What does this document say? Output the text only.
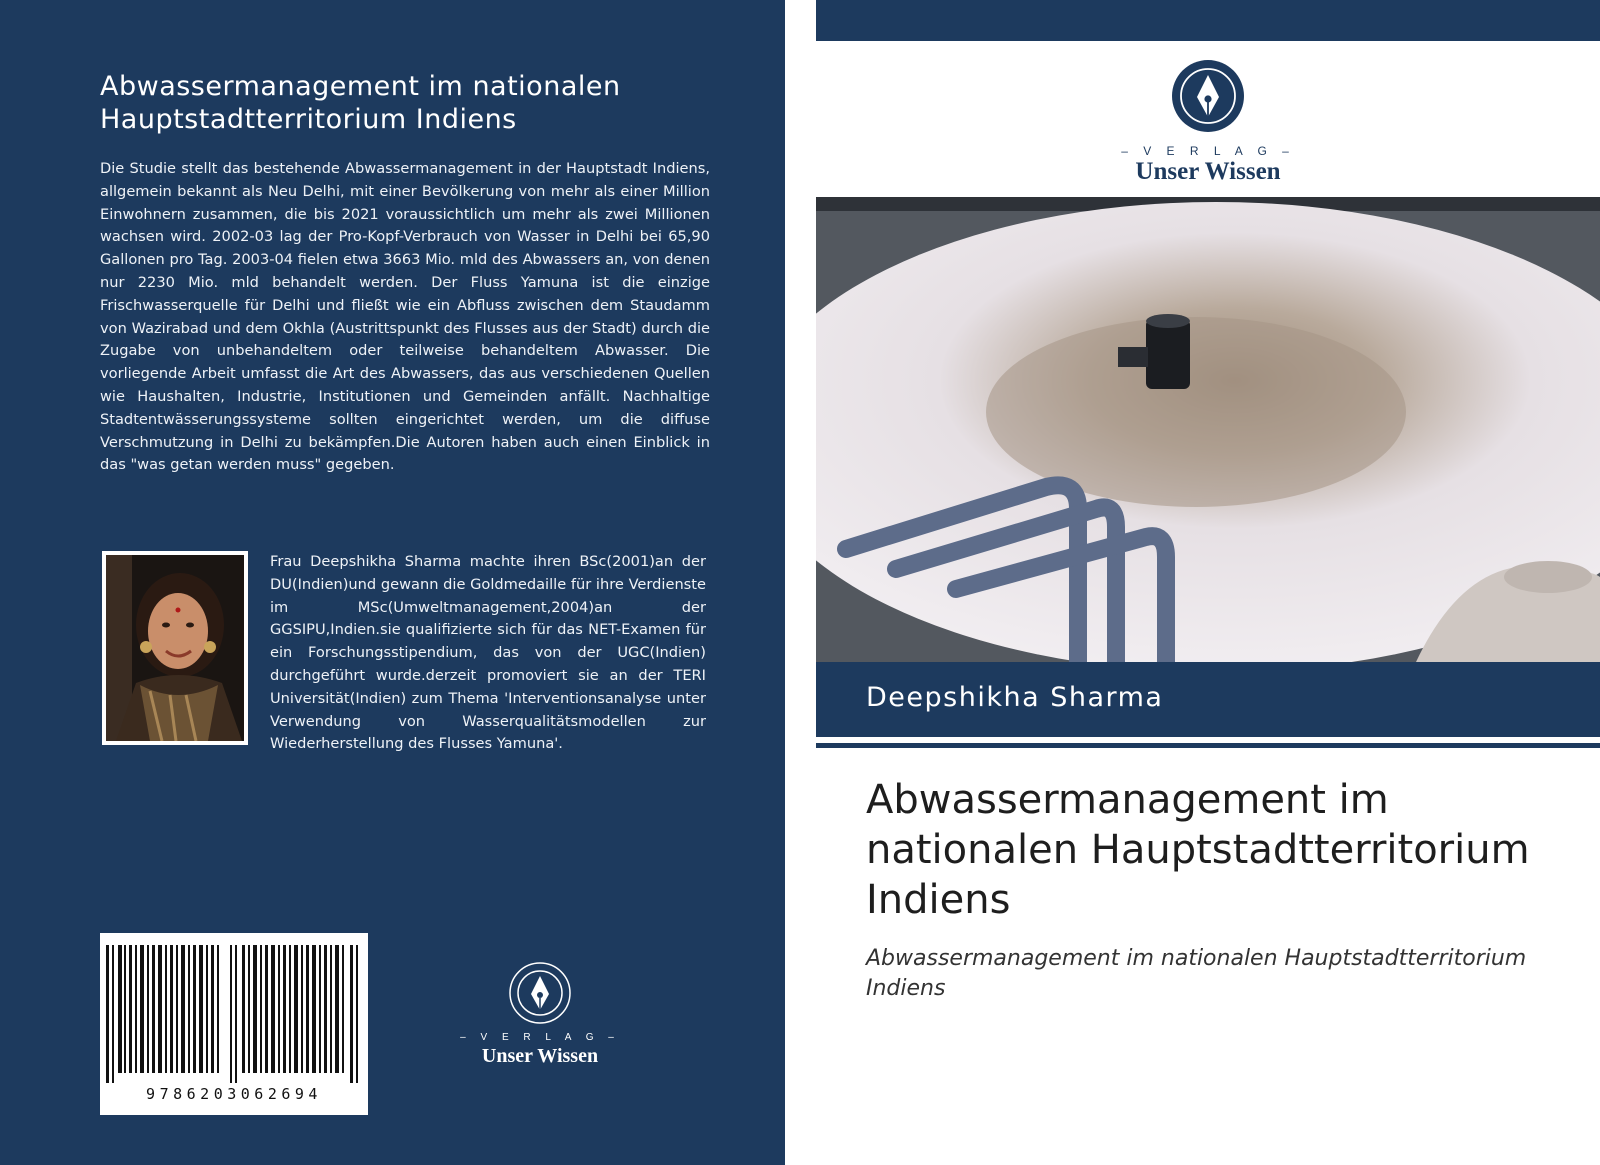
Abwassermanagement im nationalen Hauptstadtterritorium Indiens
Die Studie stellt das bestehende Abwassermanagement in der Hauptstadt Indiens, allgemein bekannt als Neu Delhi, mit einer Bevölkerung von mehr als einer Million Einwohnern zusammen, die bis 2021 voraussichtlich um mehr als zwei Millionen wachsen wird. 2002-03 lag der Pro-Kopf-Verbrauch von Wasser in Delhi bei 65,90 Gallonen pro Tag. 2003-04 fielen etwa 3663 Mio. mld des Abwassers an, von denen nur 2230 Mio. mld behandelt werden. Der Fluss Yamuna ist die einzige Frischwasserquelle für Delhi und fließt wie ein Abfluss zwischen dem Staudamm von Wazirabad und dem Okhla (Austrittspunkt des Flusses aus der Stadt) durch die Zugabe von unbehandeltem oder teilweise behandeltem Abwasser. Die vorliegende Arbeit umfasst die Art des Abwassers, das aus verschiedenen Quellen wie Haushalten, Industrie, Institutionen und Gemeinden anfällt. Nachhaltige Stadtentwässerungssysteme sollten eingerichtet werden, um die diffuse Verschmutzung in Delhi zu bekämpfen.Die Autoren haben auch einen Einblick in das "was getan werden muss" gegeben.
Frau Deepshikha Sharma machte ihren BSc(2001)an der DU(Indien)und gewann die Goldmedaille für ihre Verdienste im MSc(Umweltmanagement,2004)an der GGSIPU,Indien.sie qualifizierte sich für das NET-Examen für ein Forschungsstipendium, das von der UGC(Indien) durchgeführt wurde.derzeit promoviert sie an der TERI Universität(Indien) zum Thema 'Interventionsanalyse unter Verwendung von Wasserqualitätsmodellen zur Wiederherstellung des Flusses Yamuna'.
9786203062694
– V E R L A G –
Unser Wissen
– V E R L A G –
Unser Wissen
Deepshikha Sharma
Abwassermanagement im nationalen Hauptstadtterritorium Indiens
Abwassermanagement im nationalen Hauptstadtterritorium Indiens
